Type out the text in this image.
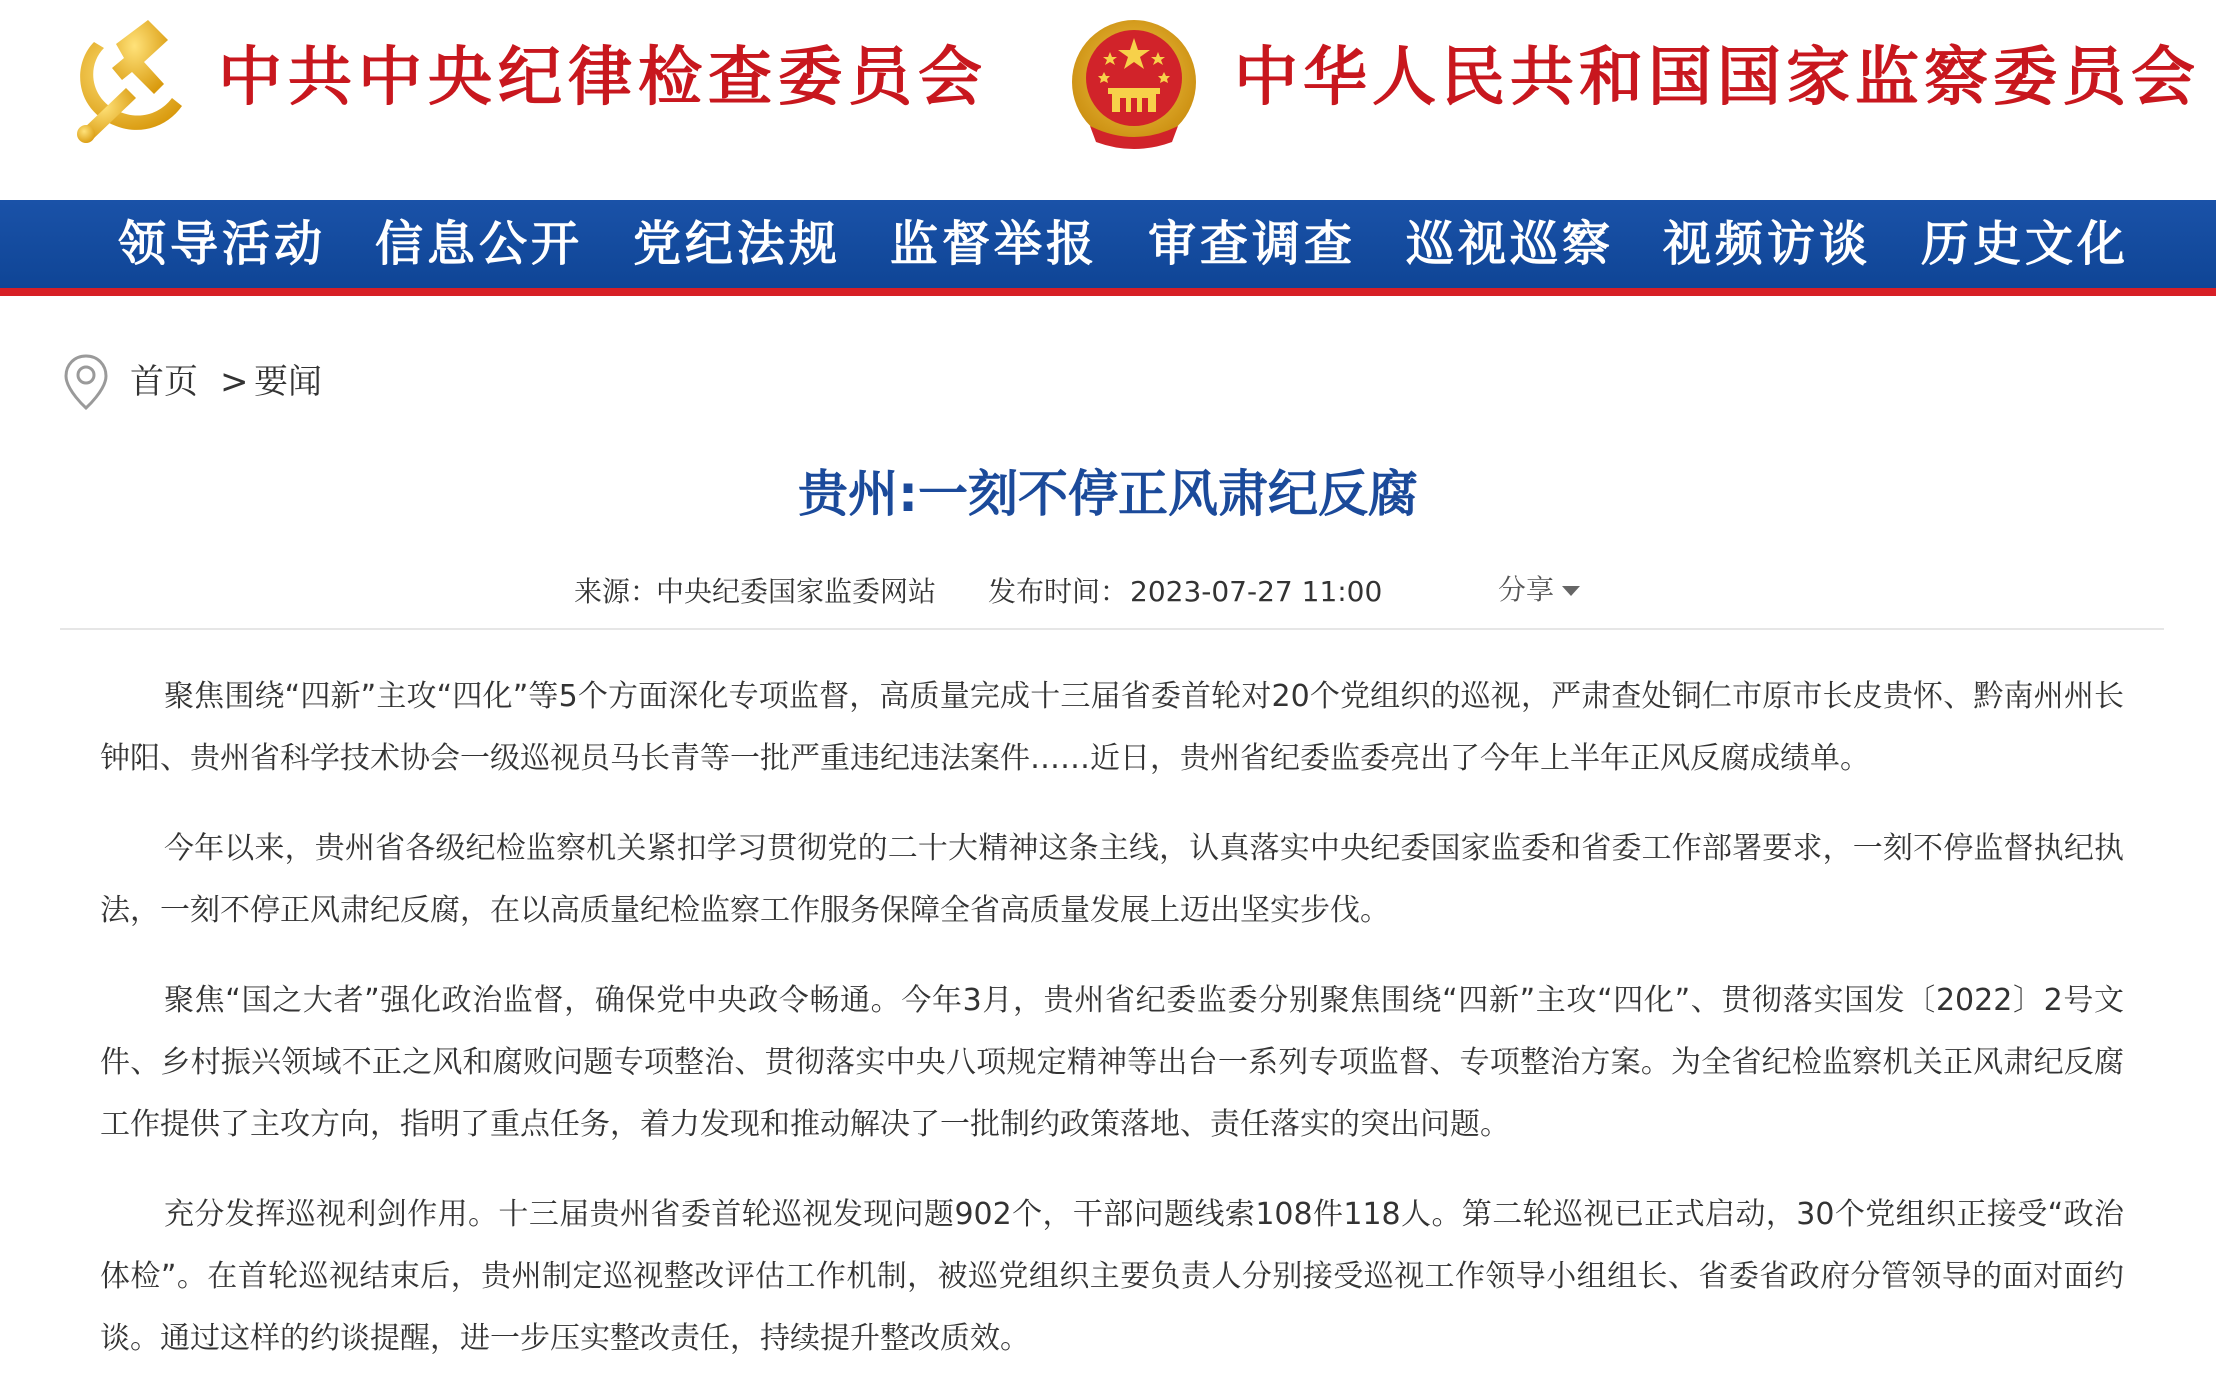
中共中央纪律检查委员会	中华人民共和国国家监察委员会
领导活动 信息公开 党纪法规 监督举报 审查调查 巡视巡察 视频访谈 历史文化
首页 > 要闻
贵州:一刻不停正风肃纪反腐
来源：
中央纪委国家监委网站 发布时间： 2023-07-27 11:00	分享

聚焦围绕“四新”主攻“四化”等5个方面深化专项监督，高质量完成十三届省委首轮对20个党组织的巡视，严肃查处铜仁市原市长皮贵怀、黔南州州长钟阳、贵州省科学技术协会一级巡视员马长青等一批严重违纪违法案件……近日，贵州省纪委监委亮出了今年上半年正风反腐成绩单。

今年以来，贵州省各级纪检监察机关紧扣学习贯彻党的二十大精神这条主线，认真落实中央纪委国家监委和省委工作部署要求，一刻不停监督执纪执法，一刻不停正风肃纪反腐，在以高质量纪检监察工作服务保障全省高质量发展上迈出坚实步伐。

聚焦“国之大者”强化政治监督，确保党中央政令畅通。今年3月，贵州省纪委监委分别聚焦围绕“四新”主攻“四化”、贯彻落实国发〔2022〕2号文件、乡村振兴领域不正之风和腐败问题专项整治、贯彻落实中央八项规定精神等出台一系列专项监督、专项整治方案。为全省纪检监察机关正风肃纪反腐工作提供了主攻方向，指明了重点任务，着力发现和推动解决了一批制约政策落地、责任落实的突出问题。

充分发挥巡视利剑作用。十三届贵州省委首轮巡视发现问题902个，干部问题线索108件118人。第二轮巡视已正式启动，30个党组织正接受“政治体检”。在首轮巡视结束后，贵州制定巡视整改评估工作机制，被巡党组织主要负责人分别接受巡视工作领导小组组长、省委省政府分管领导的面对面约谈。通过这样的约谈提醒，进一步压实整改责任，持续提升整改质效。
